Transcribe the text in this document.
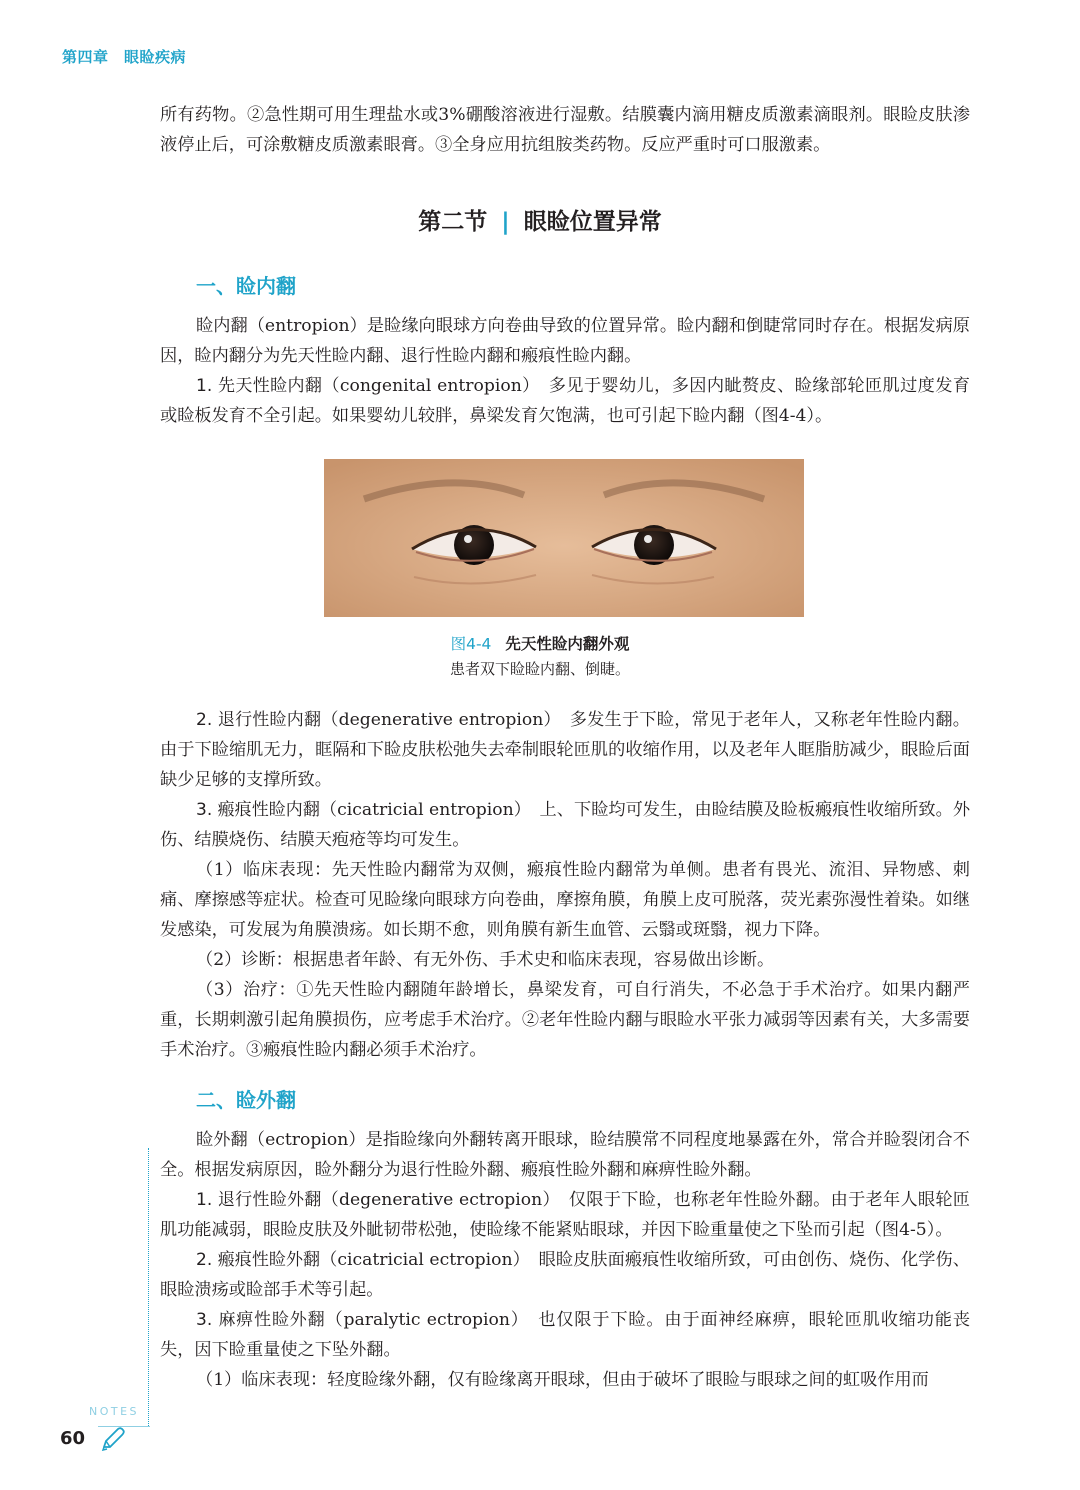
第四章　眼睑疾病

所有药物。②急性期可用生理盐水或3%硼酸溶液进行湿敷。结膜囊内滴用糖皮质激素滴眼剂。眼睑皮肤渗液停止后，可涂敷糖皮质激素眼膏。③全身应用抗组胺类药物。反应严重时可口服激素。

第二节 | 眼睑位置异常
一、睑内翻

睑内翻（entropion）是睑缘向眼球方向卷曲导致的位置异常。睑内翻和倒睫常同时存在。根据发病原因，睑内翻分为先天性睑内翻、退行性睑内翻和瘢痕性睑内翻。

1. 先天性睑内翻（congenital entropion）　多见于婴幼儿，多因内眦赘皮、睑缘部轮匝肌过度发育或睑板发育不全引起。如果婴幼儿较胖，鼻梁发育欠饱满，也可引起下睑内翻（图4-4）。

图4-4 先天性睑内翻外观
患者双下睑睑内翻、倒睫。

2. 退行性睑内翻（degenerative entropion）　多发生于下睑，常见于老年人，又称老年性睑内翻。由于下睑缩肌无力，眶隔和下睑皮肤松弛失去牵制眼轮匝肌的收缩作用，以及老年人眶脂肪减少，眼睑后面缺少足够的支撑所致。

3. 瘢痕性睑内翻（cicatricial entropion）　上、下睑均可发生，由睑结膜及睑板瘢痕性收缩所致。外伤、结膜烧伤、结膜天疱疮等均可发生。

（1）临床表现：先天性睑内翻常为双侧，瘢痕性睑内翻常为单侧。患者有畏光、流泪、异物感、刺痛、摩擦感等症状。检查可见睑缘向眼球方向卷曲，摩擦角膜，角膜上皮可脱落，荧光素弥漫性着染。如继发感染，可发展为角膜溃疡。如长期不愈，则角膜有新生血管、云翳或斑翳，视力下降。

（2）诊断：根据患者年龄、有无外伤、手术史和临床表现，容易做出诊断。

（3）治疗：①先天性睑内翻随年龄增长，鼻梁发育，可自行消失，不必急于手术治疗。如果内翻严重，长期刺激引起角膜损伤，应考虑手术治疗。②老年性睑内翻与眼睑水平张力减弱等因素有关，大多需要手术治疗。③瘢痕性睑内翻必须手术治疗。

二、睑外翻

睑外翻（ectropion）是指睑缘向外翻转离开眼球，睑结膜常不同程度地暴露在外，常合并睑裂闭合不全。根据发病原因，睑外翻分为退行性睑外翻、瘢痕性睑外翻和麻痹性睑外翻。

1. 退行性睑外翻（degenerative ectropion）　仅限于下睑，也称老年性睑外翻。由于老年人眼轮匝肌功能减弱，眼睑皮肤及外眦韧带松弛，使睑缘不能紧贴眼球，并因下睑重量使之下坠而引起（图4-5）。

2. 瘢痕性睑外翻（cicatricial ectropion）　眼睑皮肤面瘢痕性收缩所致，可由创伤、烧伤、化学伤、眼睑溃疡或睑部手术等引起。

3. 麻痹性睑外翻（paralytic ectropion）　也仅限于下睑。由于面神经麻痹，眼轮匝肌收缩功能丧失，因下睑重量使之下坠外翻。

（1）临床表现：轻度睑缘外翻，仅有睑缘离开眼球，但由于破坏了眼睑与眼球之间的虹吸作用而

NOTES
60
